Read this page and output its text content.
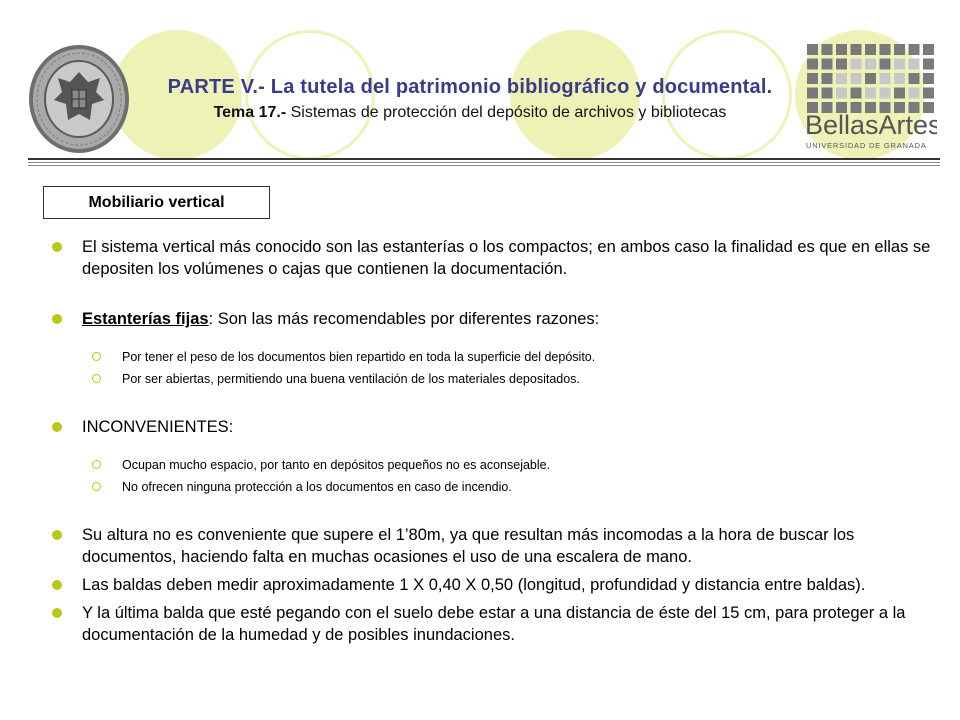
BellasArtes
UNIVERSIDAD DE GRANADA
PARTE V.- La tutela del patrimonio bibliográfico y documental.
Tema 17.- Sistemas de protección del depósito de archivos y bibliotecas
Mobiliario vertical
El sistema vertical más conocido son las estanterías o los compactos; en ambos caso la finalidad es que en ellas se depositen los volúmenes o cajas que contienen la documentación.
Estanterías fijas: Son las más recomendables por diferentes razones:
Por tener el peso de los documentos bien repartido en toda la superficie del depósito.
Por ser abiertas, permitiendo una buena ventilación de los materiales depositados.
INCONVENIENTES:
Ocupan mucho espacio, por tanto en depósitos pequeños no es aconsejable.
No ofrecen ninguna protección a los documentos en caso de incendio.
Su altura no es conveniente que supere el 1’80m, ya que resultan más incomodas a la hora de buscar los documentos, haciendo falta en muchas ocasiones el uso de una escalera de mano.
Las baldas deben medir aproximadamente 1 X 0,40 X 0,50 (longitud, profundidad y distancia entre baldas).
Y la última balda que esté pegando con el suelo debe estar a una distancia de éste del 15 cm, para proteger a la documentación de la humedad y de posibles inundaciones.
